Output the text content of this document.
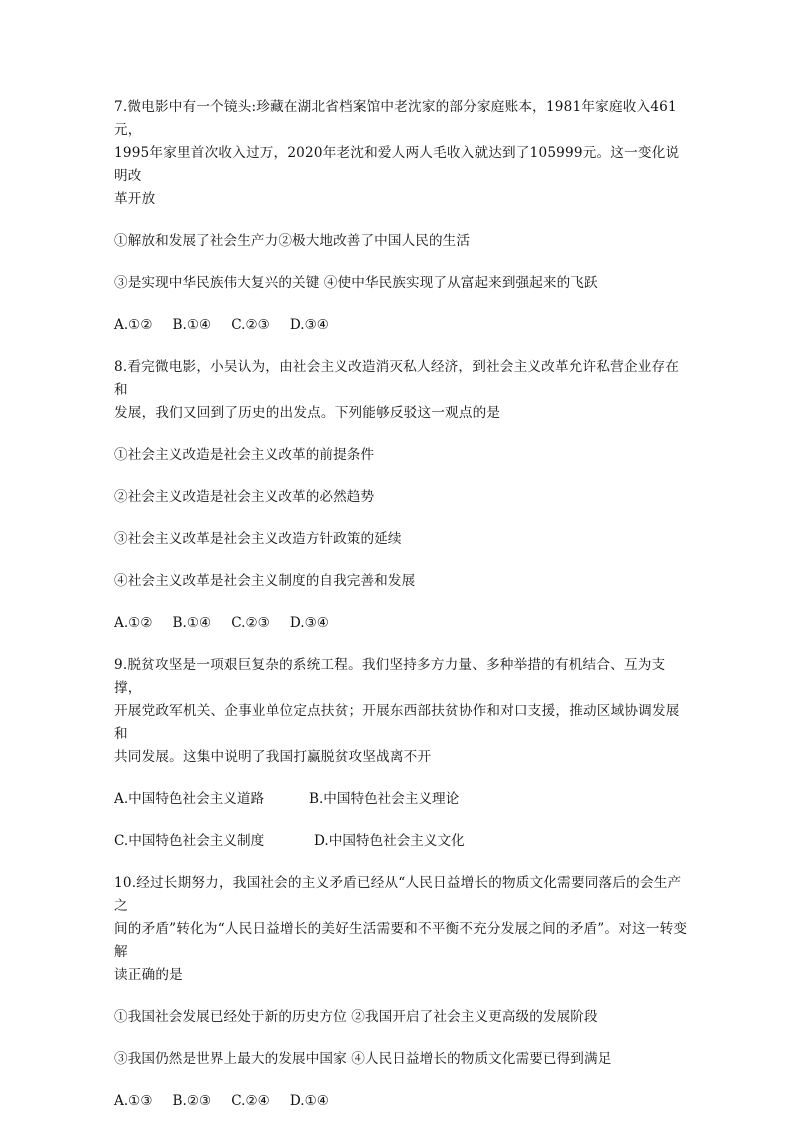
7.微电影中有一个镜头:珍藏在湖北省档案馆中老沈家的部分家庭账本，1981年家庭收入461元，

1995年家里首次收入过万，2020年老沈和爱人两人毛收入就达到了105999元。这一变化说明改

革开放

①解放和发展了社会生产力②极大地改善了中国人民的生活

③是实现中华民族伟大复兴的关键 ④使中华民族实现了从富起来到强起来的飞跃

A.①② B.①④ C.②③ D.③④

8.看完微电影，小吴认为，由社会主义改造消灭私人经济，到社会主义改革允许私营企业存在和

发展，我们又回到了历史的出发点。下列能够反驳这一观点的是

①社会主义改造是社会主义改革的前提条件

②社会主义改造是社会主义改革的必然趋势

③社会主义改革是社会主义改造方针政策的延续

④社会主义改革是社会主义制度的自我完善和发展

A.①② B.①④ C.②③ D.③④

9.脱贫攻坚是一项艰巨复杂的系统工程。我们坚持多方力量、多种举措的有机结合、互为支撑，

开展党政军机关、企事业单位定点扶贫；开展东西部扶贫协作和对口支援，推动区域协调发展和

共同发展。这集中说明了我国打赢脱贫攻坚战离不开

A.中国特色社会主义道路	B.中国特色社会主义理论

C.中国特色社会主义制度	D.中国特色社会主义文化

10.经过长期努力，我国社会的主义矛盾已经从“人民日益增长的物质文化需要同落后的会生产之

间的矛盾”转化为“人民日益增长的美好生活需要和不平衡不充分发展之间的矛盾”。对这一转变解

读正确的是

①我国社会发展已经处于新的历史方位 ②我国开启了社会主义更高级的发展阶段

③我国仍然是世界上最大的发展中国家 ④人民日益增长的物质文化需要已得到满足

A.①③ B.②③ C.②④ D.①④
